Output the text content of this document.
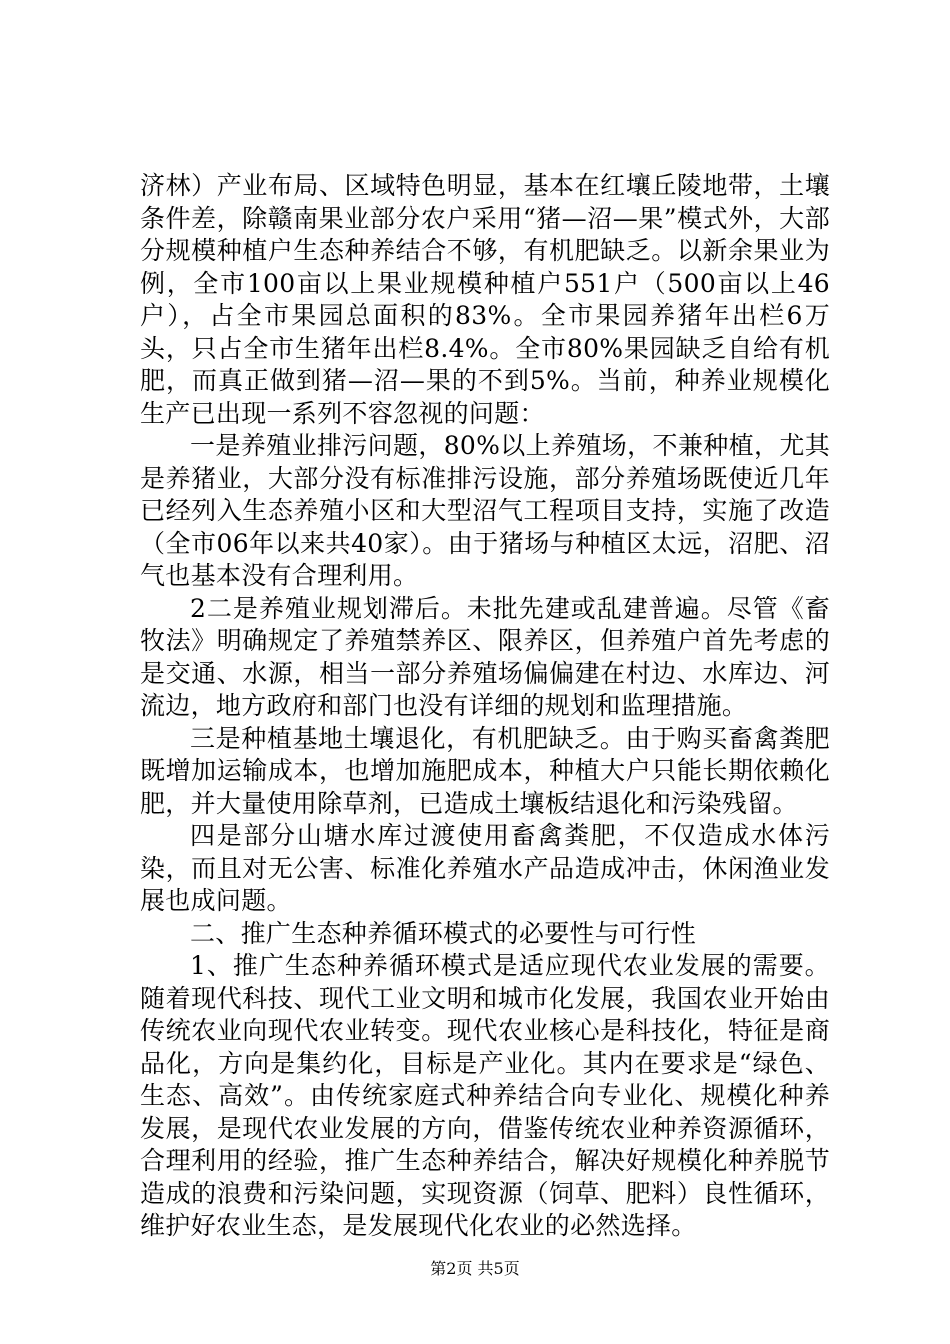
济林）产业布局、区域特色明显，基本在红壤丘陵地带，土壤条件差，除赣南果业部分农户采用“猪—沼—果”模式外，大部分规模种植户生态种养结合不够，有机肥缺乏。以新余果业为例，全市100亩以上果业规模种植户551户（500亩以上46户），占全市果园总面积的83%。全市果园养猪年出栏6万头，只占全市生猪年出栏8.4%。全市80%果园缺乏自给有机肥，而真正做到猪—沼—果的不到5%。当前，种养业规模化生产已出现一系列不容忽视的问题：

一是养殖业排污问题，80%以上养殖场，不兼种植，尤其是养猪业，大部分没有标准排污设施，部分养殖场既使近几年已经列入生态养殖小区和大型沼气工程项目支持，实施了改造（全市06年以来共40家）。由于猪场与种植区太远，沼肥、沼气也基本没有合理利用。

2二是养殖业规划滞后。未批先建或乱建普遍。尽管《畜牧法》明确规定了养殖禁养区、限养区，但养殖户首先考虑的是交通、水源，相当一部分养殖场偏偏建在村边、水库边、河流边，地方政府和部门也没有详细的规划和监理措施。

三是种植基地土壤退化，有机肥缺乏。由于购买畜禽粪肥既增加运输成本，也增加施肥成本，种植大户只能长期依赖化肥，并大量使用除草剂，已造成土壤板结退化和污染残留。

四是部分山塘水库过渡使用畜禽粪肥，不仅造成水体污染，而且对无公害、标准化养殖水产品造成冲击，休闲渔业发展也成问题。

二、推广生态种养循环模式的必要性与可行性

1、推广生态种养循环模式是适应现代农业发展的需要。随着现代科技、现代工业文明和城市化发展，我国农业开始由传统农业向现代农业转变。现代农业核心是科技化，特征是商品化，方向是集约化，目标是产业化。其内在要求是“绿色、生态、高效”。由传统家庭式种养结合向专业化、规模化种养发展，是现代农业发展的方向，借鉴传统农业种养资源循环，合理利用的经验，推广生态种养结合，解决好规模化种养脱节造成的浪费和污染问题，实现资源（饲草、肥料）良性循环，维护好农业生态，是发展现代化农业的必然选择。

第2页 共5页
